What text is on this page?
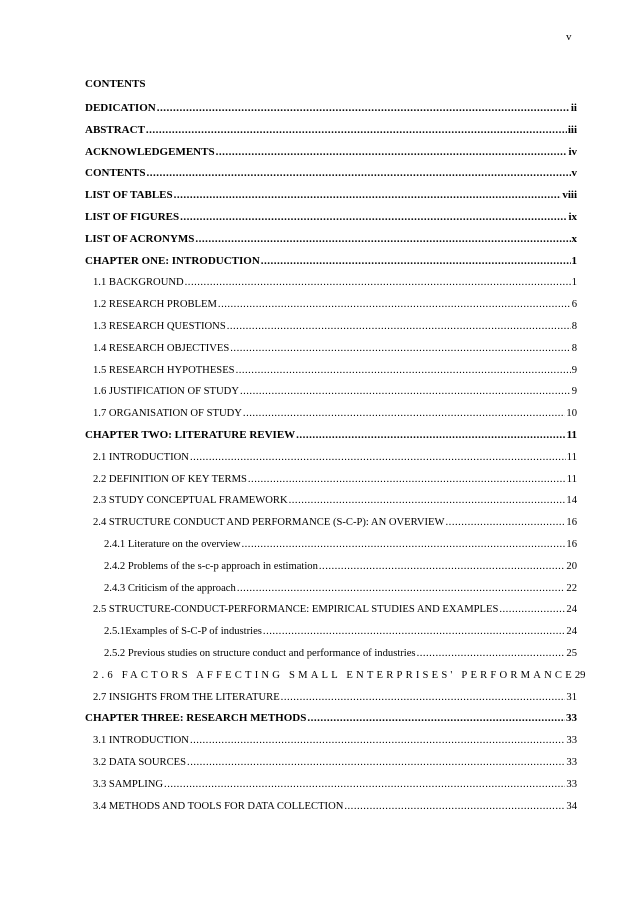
v
CONTENTS
DEDICATION .....	ii
ABSTRACT .....	iii
ACKNOWLEDGEMENTS .....	iv
CONTENTS .....	v
LIST OF TABLES .....	viii
LIST OF FIGURES .....	ix
LIST OF ACRONYMS .....	x
CHAPTER ONE: INTRODUCTION .....	1
1.1 BACKGROUND .....	1
1.2 RESEARCH PROBLEM .....	6
1.3 RESEARCH QUESTIONS .....	8
1.4 RESEARCH OBJECTIVES .....	8
1.5 RESEARCH HYPOTHESES .....	9
1.6 JUSTIFICATION OF STUDY .....	9
1.7 ORGANISATION OF STUDY .....	10
CHAPTER TWO: LITERATURE REVIEW .....	11
2.1 INTRODUCTION .....	11
2.2 DEFINITION OF KEY TERMS .....	11
2.3 STUDY CONCEPTUAL FRAMEWORK .....	14
2.4 STRUCTURE CONDUCT AND PERFORMANCE (S-C-P): AN OVERVIEW .....	16
2.4.1 Literature on the overview .....	16
2.4.2 Problems of the s-c-p approach in estimation .....	20
2.4.3 Criticism of the approach .....	22
2.5 STRUCTURE-CONDUCT-PERFORMANCE: EMPIRICAL STUDIES AND EXAMPLES .....	24
2.5.1Examples of S-C-P of industries .....	24
2.5.2 Previous studies on structure conduct and performance of industries .....	25
2.6 FACTORS AFFECTING SMALL ENTERPRISES' PERFORMANCE 29
2.7 INSIGHTS FROM THE LITERATURE .....	31
CHAPTER THREE: RESEARCH METHODS .....	33
3.1 INTRODUCTION .....	33
3.2 DATA SOURCES .....	33
3.3 SAMPLING .....	33
3.4 METHODS AND TOOLS FOR DATA COLLECTION .....	34
